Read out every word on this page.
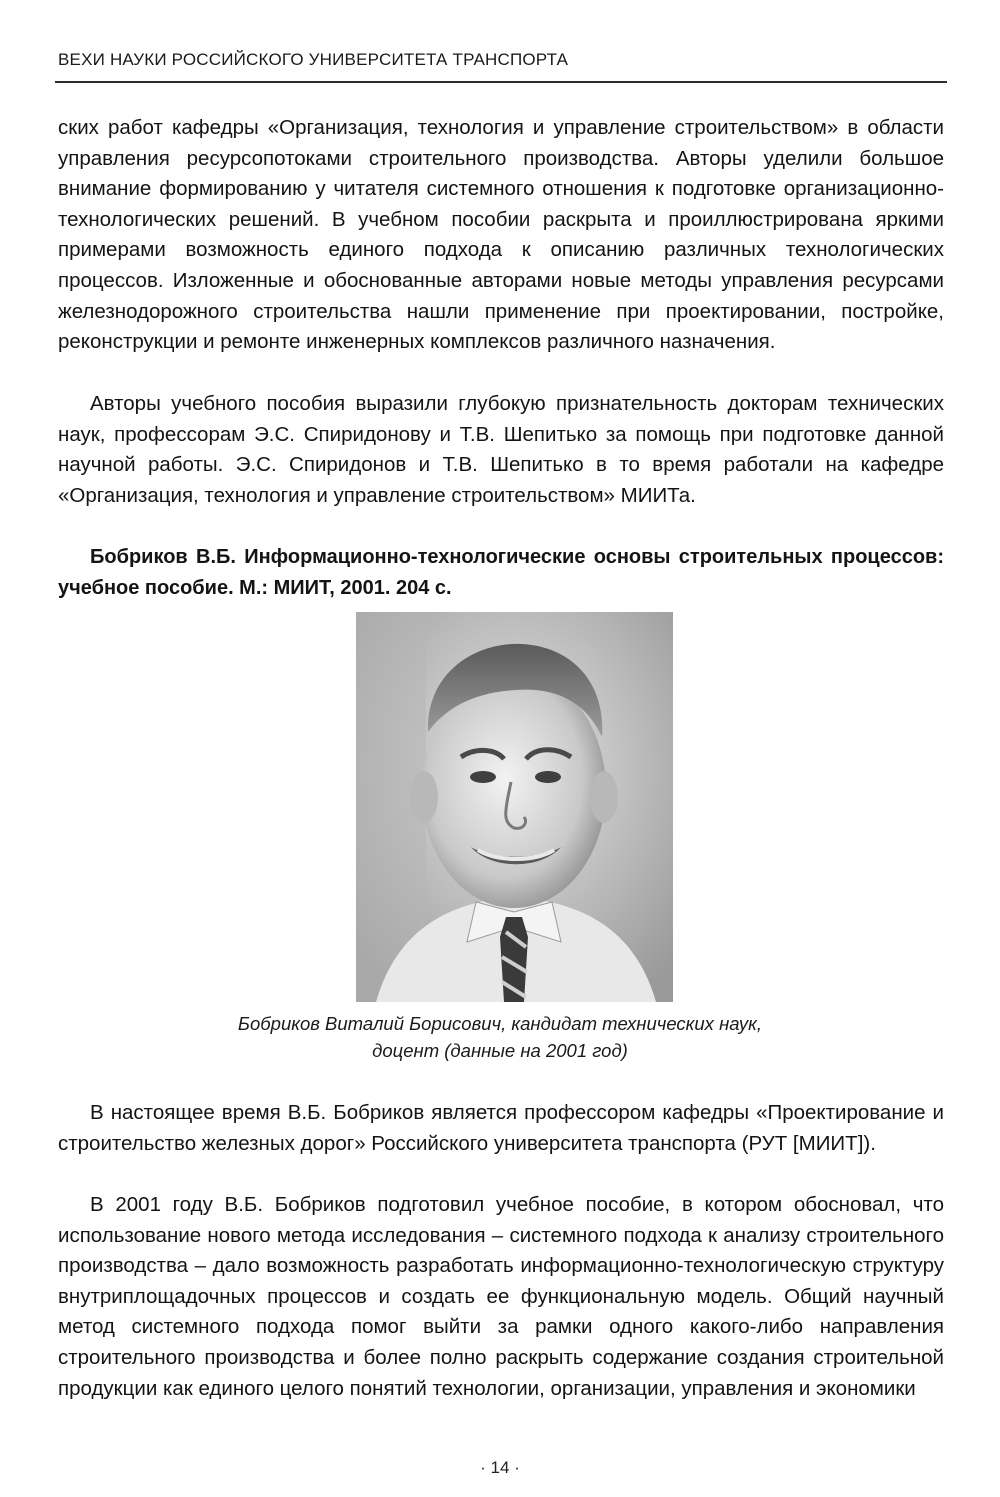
ВЕХИ НАУКИ РОССИЙСКОГО УНИВЕРСИТЕТА ТРАНСПОРТА

ских работ кафедры «Организация, технология и управление строительством» в области управления ресурсопотоками строительного производства. Авторы уделили большое внимание формированию у читателя системного отношения к подготовке организационно-технологических решений. В учебном пособии раскрыта и проиллюстрирована яркими примерами возможность единого подхода к описанию различных технологических процессов. Изложенные и обоснованные авторами новые методы управления ресурсами железнодорожного строительства нашли применение при проектировании, постройке, реконструкции и ремонте инженерных комплексов различного назначения.

Авторы учебного пособия выразили глубокую признательность докторам технических наук, профессорам Э.С. Спиридонову и Т.В. Шепитько за помощь при подготовке данной научной работы. Э.С. Спиридонов и Т.В. Шепитько в то время работали на кафедре «Организация, технология и управление строительством» МИИТа.

Бобриков В.Б. Информационно-технологические основы строительных процессов: учебное пособие. М.: МИИТ, 2001. 204 с.

Бобриков Виталий Борисович, кандидат технических наук,
доцент (данные на 2001 год)

В настоящее время В.Б. Бобриков является профессором кафедры «Проектирование и строительство железных дорог» Российского университета транспорта (РУТ [МИИТ]).

В 2001 году В.Б. Бобриков подготовил учебное пособие, в котором обосновал, что использование нового метода исследования – системного подхода к анализу строительного производства – дало возможность разработать информационно-технологическую структуру внутриплощадочных процессов и создать ее функциональную модель. Общий научный метод системного подхода помог выйти за рамки одного какого-либо направления строительного производства и более полно раскрыть содержание создания строительной продукции как единого целого понятий технологии, организации, управления и экономики

· 14 ·
